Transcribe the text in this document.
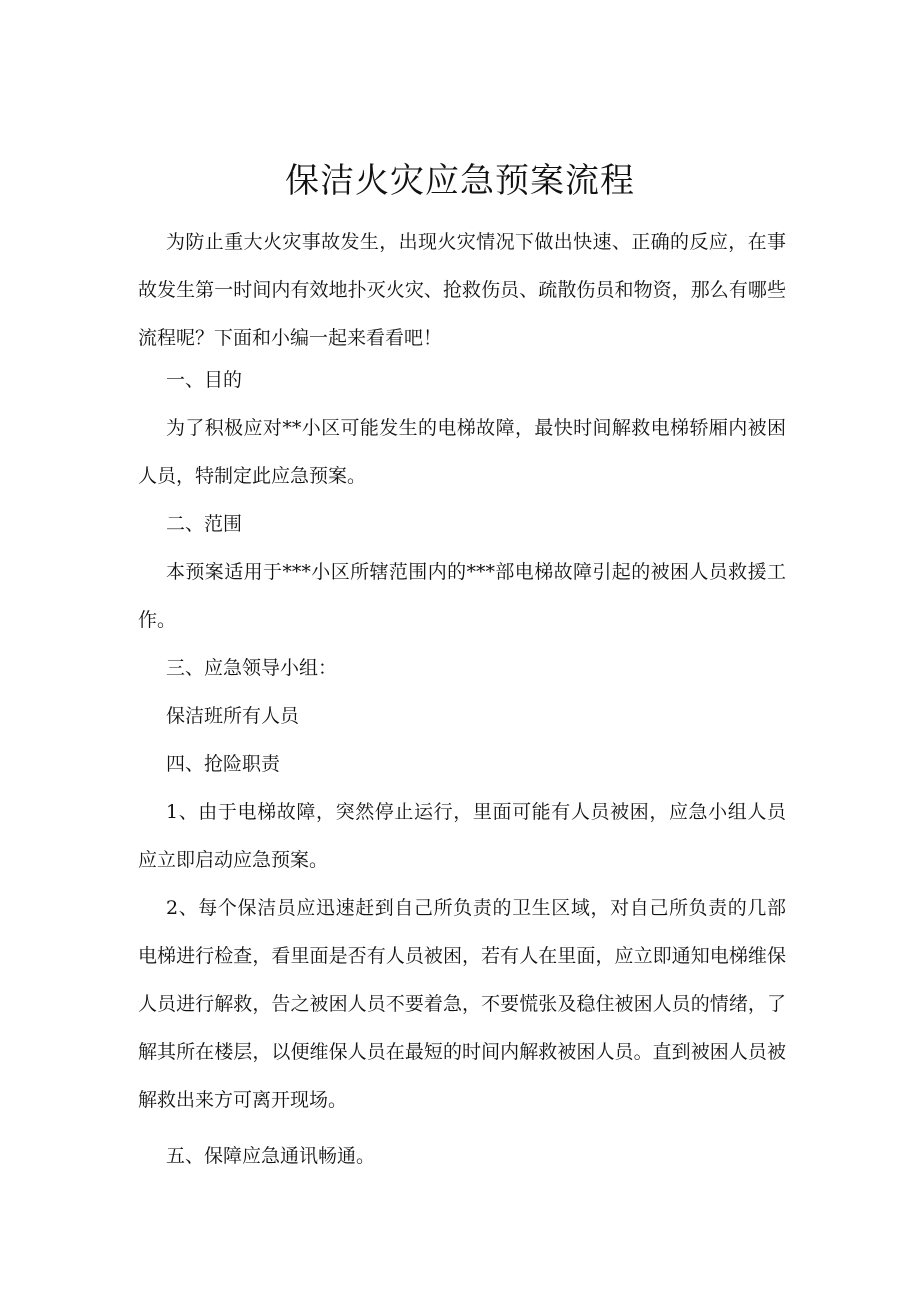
保洁火灾应急预案流程

为防止重大火灾事故发生，出现火灾情况下做出快速、正确的反应，在事故发生第一时间内有效地扑灭火灾、抢救伤员、疏散伤员和物资，那么有哪些流程呢？下面和小编一起来看看吧！

一、目的

为了积极应对**小区可能发生的电梯故障，最快时间解救电梯轿厢内被困人员，特制定此应急预案。

二、范围

本预案适用于***小区所辖范围内的***部电梯故障引起的被困人员救援工作。

三、应急领导小组：

保洁班所有人员

四、抢险职责

1、由于电梯故障，突然停止运行，里面可能有人员被困，应急小组人员应立即启动应急预案。

2、每个保洁员应迅速赶到自己所负责的卫生区域，对自己所负责的几部电梯进行检查，看里面是否有人员被困，若有人在里面，应立即通知电梯维保人员进行解救，告之被困人员不要着急，不要慌张及稳住被困人员的情绪，了解其所在楼层，以便维保人员在最短的时间内解救被困人员。直到被困人员被解救出来方可离开现场。

五、保障应急通讯畅通。
